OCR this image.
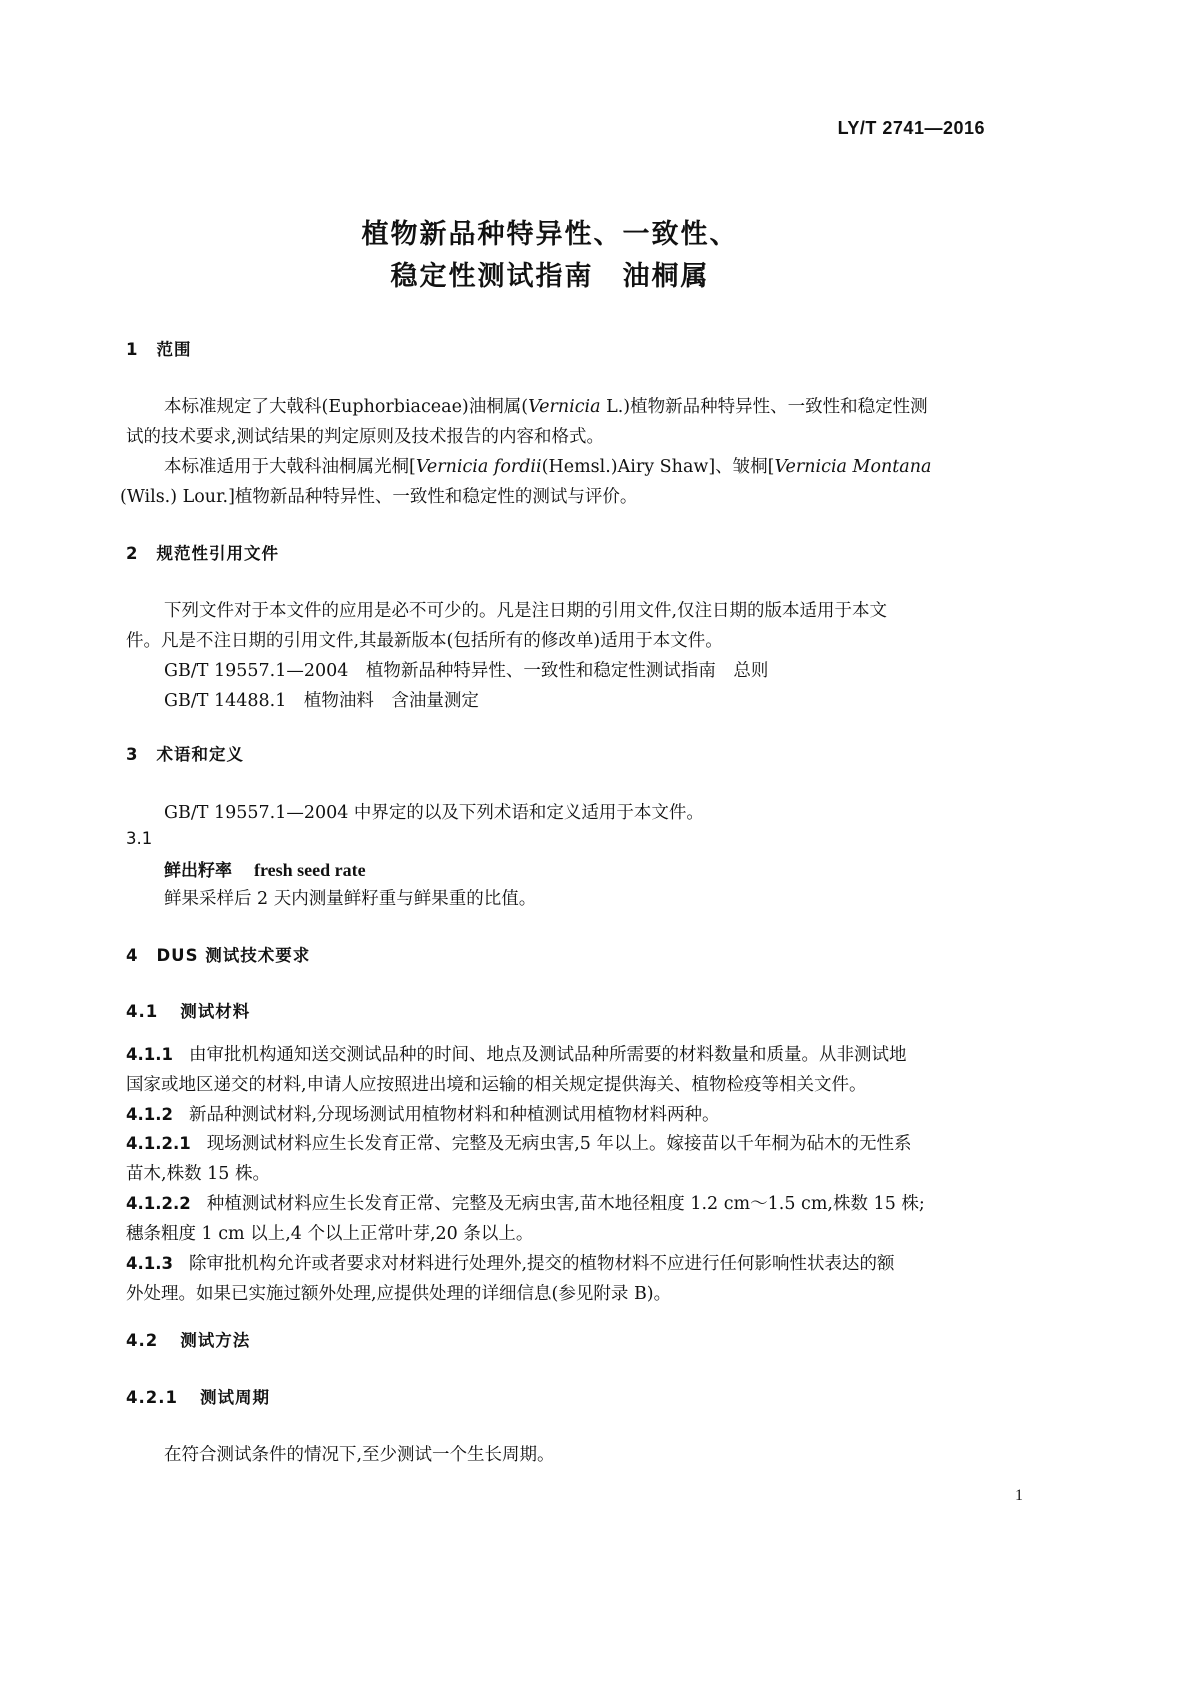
LY/T 2741—2016
植物新品种特异性、一致性、
稳定性测试指南　油桐属
1 范围
本标准规定了大戟科(Euphorbiaceae)油桐属(Vernicia L.)植物新品种特异性、一致性和稳定性测
试的技术要求,测试结果的判定原则及技术报告的内容和格式。
本标准适用于大戟科油桐属光桐[Vernicia fordii(Hemsl.)Airy Shaw]、皱桐[Vernicia Montana
(Wils.) Lour.]植物新品种特异性、一致性和稳定性的测试与评价。
2 规范性引用文件
下列文件对于本文件的应用是必不可少的。凡是注日期的引用文件,仅注日期的版本适用于本文
件。凡是不注日期的引用文件,其最新版本(包括所有的修改单)适用于本文件。
GB/T 19557.1—2004　植物新品种特异性、一致性和稳定性测试指南　总则
GB/T 14488.1　植物油料　含油量测定
3 术语和定义
GB/T 19557.1—2004 中界定的以及下列术语和定义适用于本文件。
3.1
鲜出籽率 fresh seed rate
鲜果采样后 2 天内测量鲜籽重与鲜果重的比值。
4 DUS 测试技术要求
4.1 测试材料
4.1.1 由审批机构通知送交测试品种的时间、地点及测试品种所需要的材料数量和质量。从非测试地
国家或地区递交的材料,申请人应按照进出境和运输的相关规定提供海关、植物检疫等相关文件。
4.1.2 新品种测试材料,分现场测试用植物材料和种植测试用植物材料两种。
4.1.2.1 现场测试材料应生长发育正常、完整及无病虫害,5 年以上。嫁接苗以千年桐为砧木的无性系
苗木,株数 15 株。
4.1.2.2 种植测试材料应生长发育正常、完整及无病虫害,苗木地径粗度 1.2 cm～1.5 cm,株数 15 株;
穗条粗度 1 cm 以上,4 个以上正常叶芽,20 条以上。
4.1.3 除审批机构允许或者要求对材料进行处理外,提交的植物材料不应进行任何影响性状表达的额
外处理。如果已实施过额外处理,应提供处理的详细信息(参见附录 B)。
4.2 测试方法
4.2.1 测试周期
在符合测试条件的情况下,至少测试一个生长周期。
1
